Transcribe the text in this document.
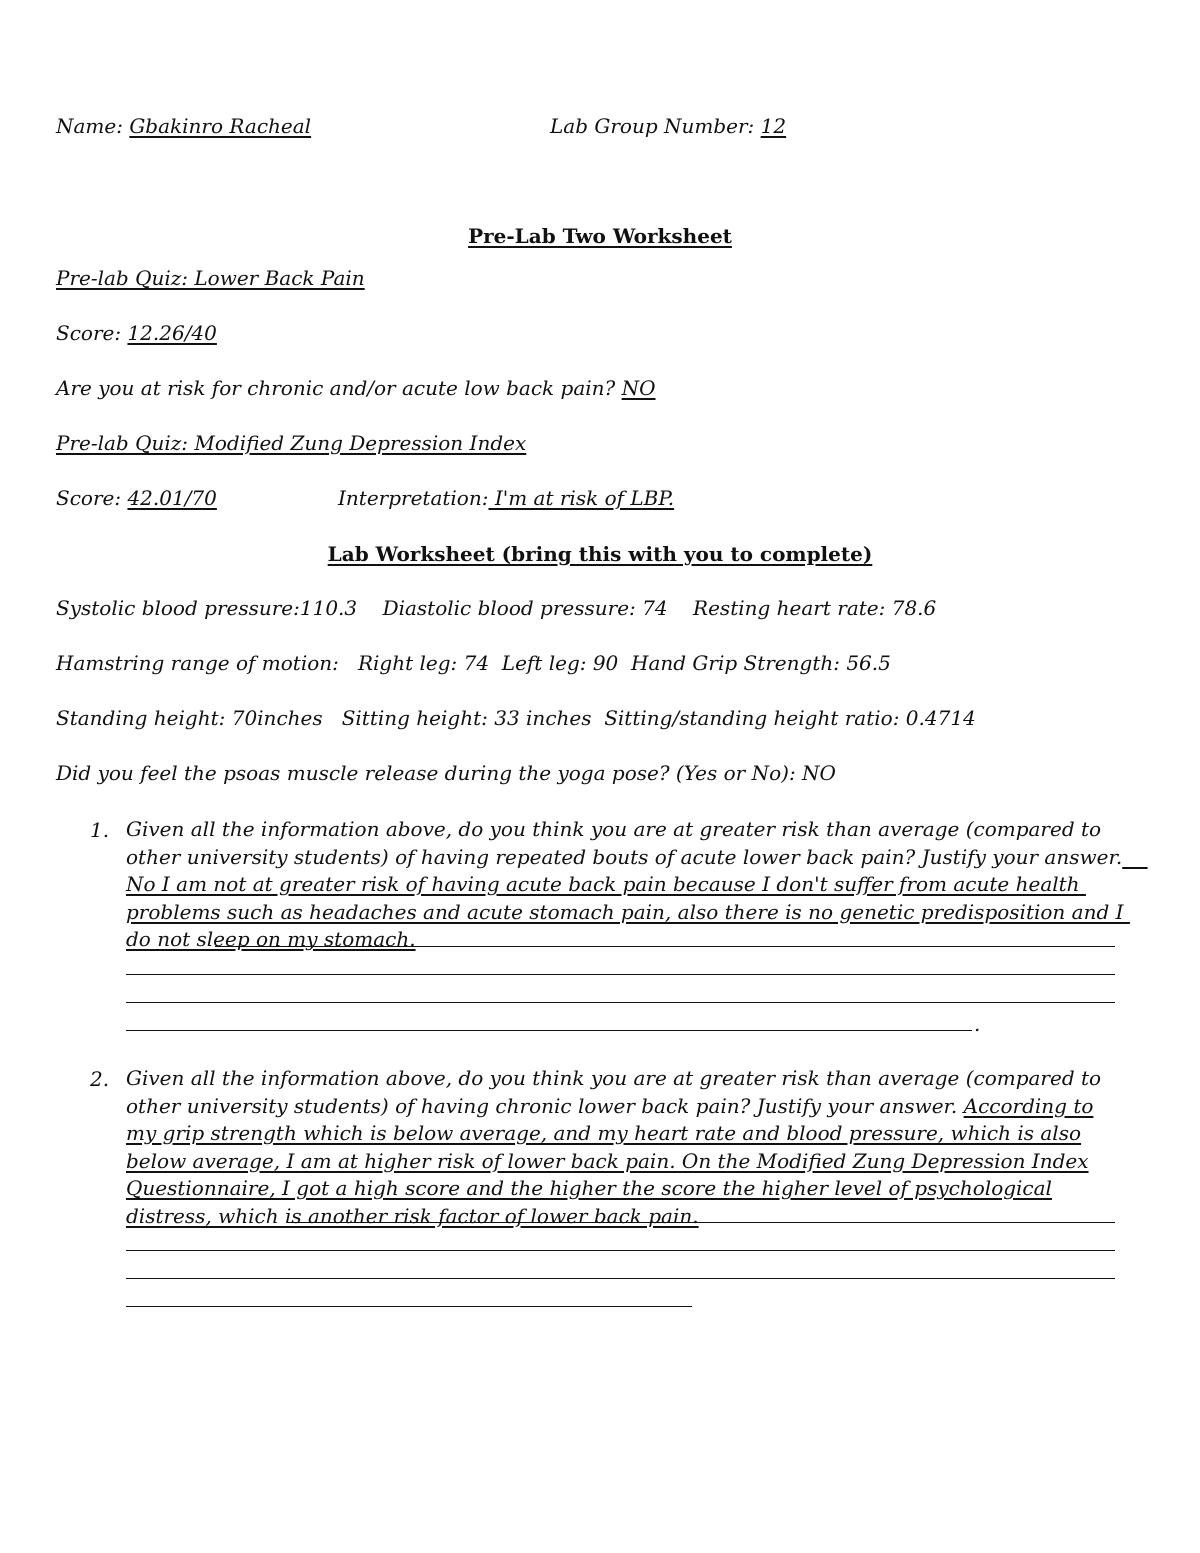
Name: Gbakinro Racheal	Lab Group Number: 12
Pre-Lab Two Worksheet
Pre-lab Quiz: Lower Back Pain
Score: 12.26/40
Are you at risk for chronic and/or acute low back pain? NO
Pre-lab Quiz: Modified Zung Depression Index
Score: 42.01/70	Interpretation: I'm at risk of LBP.
Lab Worksheet (bring this with you to complete)
Systolic blood pressure:110.3    Diastolic blood pressure: 74    Resting heart rate: 78.6
Hamstring range of motion:   Right leg: 74  Left leg: 90  Hand Grip Strength: 56.5
Standing height: 70inches   Sitting height: 33 inches  Sitting/standing height ratio: 0.4714
Did you feel the psoas muscle release during the yoga pose? (Yes or No): NO
1. Given all the information above, do you think you are at greater risk than average (compared to other university students) of having repeated bouts of acute lower back pain? Justify your answer.    No I am not at greater risk of having acute back pain because I don't suffer from acute health problems such as headaches and acute stomach pain, also there is no genetic predisposition and I do not sleep on my stomach.
.
2. Given all the information above, do you think you are at greater risk than average (compared to other university students) of having chronic lower back pain? Justify your answer. According to my grip strength which is below average, and my heart rate and blood pressure, which is also below average, I am at higher risk of lower back pain. On the Modified Zung Depression Index Questionnaire, I got a high score and the higher the score the higher level of psychological distress, which is another risk factor of lower back pain.
